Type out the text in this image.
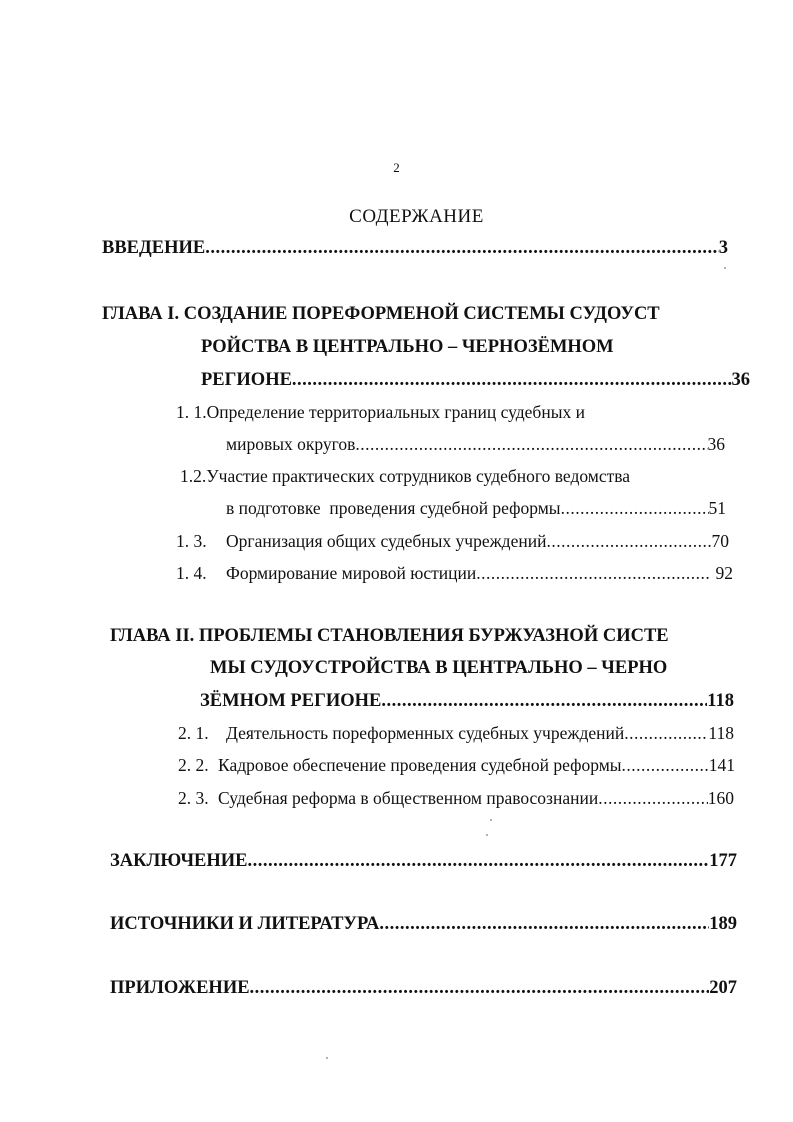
2
СОДЕРЖАНИЕ
ВВЕДЕНИЕ .....	3
ГЛАВА I. СОЗДАНИЕ ПОРЕФОРМЕНОЙ СИСТЕМЫ СУДОУСТ
РОЙСТВА В ЦЕНТРАЛЬНО – ЧЕРНОЗЁМНОМ
РЕГИОНЕ .....	36
1. 1.Определение территориальных границ судебных и
мировых округов .....	36
1.2.Участие практических сотрудников судебного ведомства
в подготовке  проведения судебной реформы .....	51
1. 3.	Организация общих судебных учреждений .....	70
1. 4.	Формирование мировой юстиции .....	92
ГЛАВА II. ПРОБЛЕМЫ СТАНОВЛЕНИЯ БУРЖУАЗНОЙ СИСТЕ
МЫ СУДОУСТРОЙСТВА В ЦЕНТРАЛЬНО – ЧЕРНО
ЗЁМНОМ РЕГИОНЕ .....	118
2. 1. Деятельность пореформенных судебных учреждений .....	118
2. 2. Кадровое обеспечение проведения судебной реформы .....	141
2. 3. Судебная реформа в общественном правосознании .....	160
ЗАКЛЮЧЕНИЕ .....	177
ИСТОЧНИКИ И ЛИТЕРАТУРА .....	189
ПРИЛОЖЕНИЕ .....	207
